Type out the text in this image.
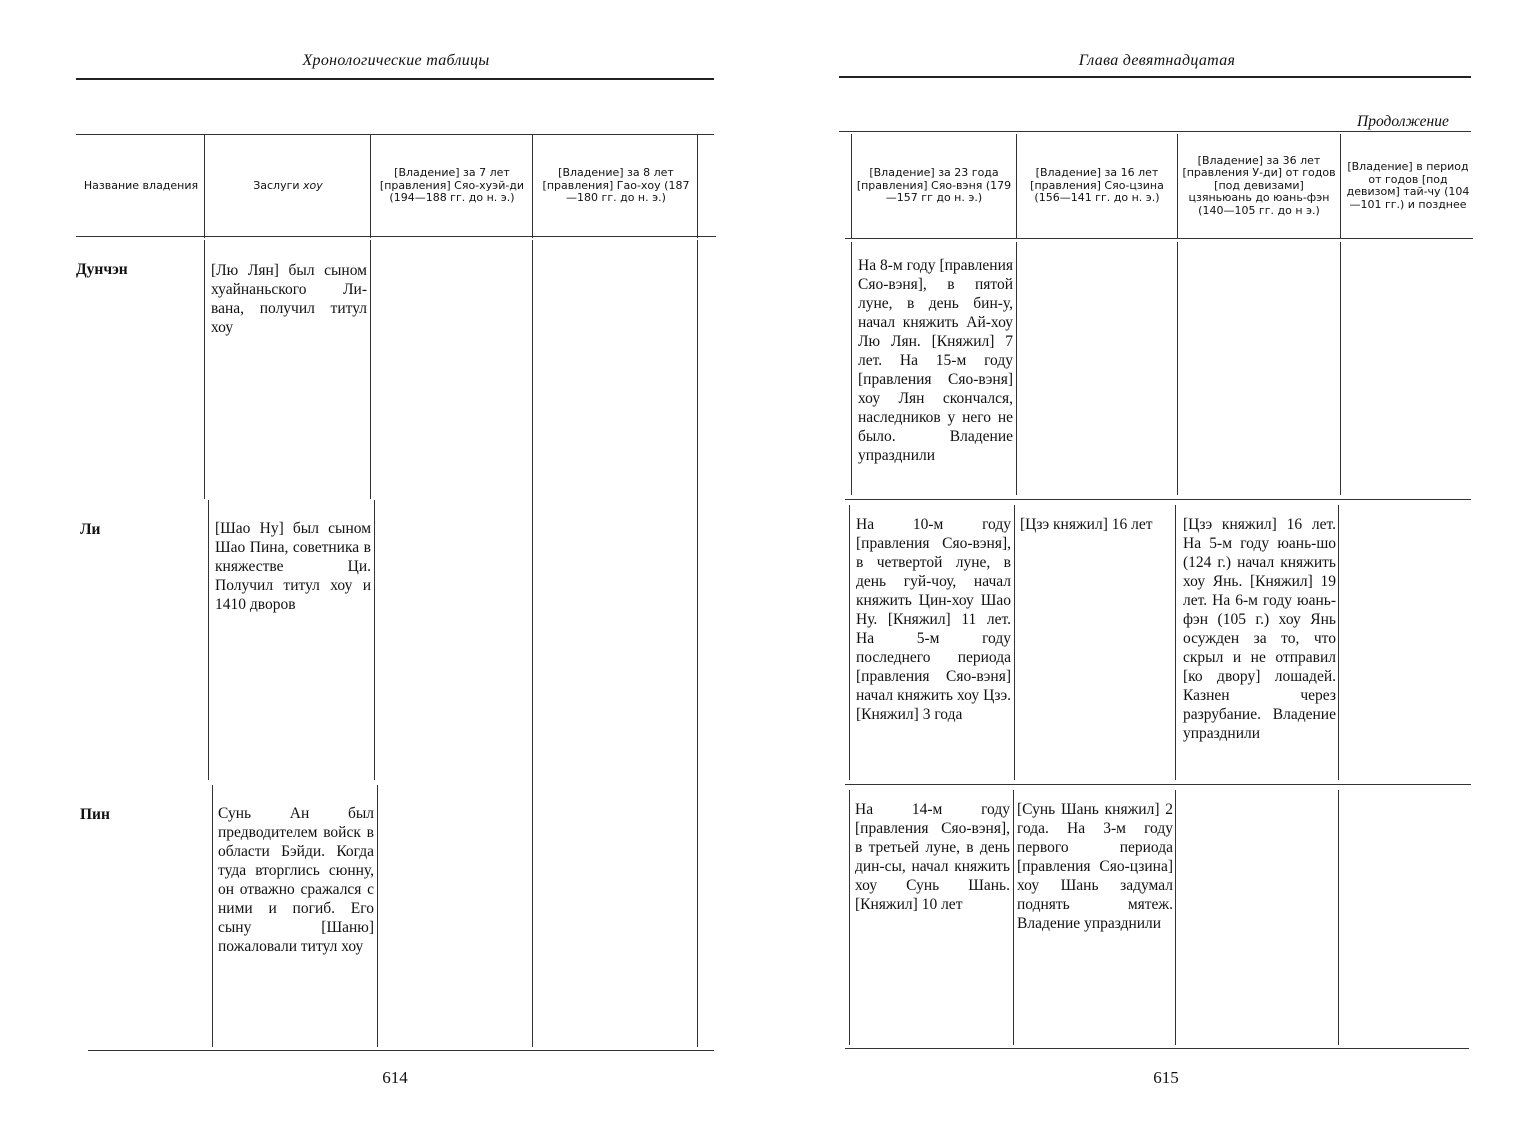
Хронологические таблицы
Название владения	Заслуги хоу
[Владение] за 7 лет [правления] Сяо-хуэй-ди (194—188 гг. до н. э.)
[Владение] за 8 лет [правления] Гао-хоу (187—180 гг. до н. э.)
Дунчэн
Ли
Пин
[Лю Лян] был сыном хуайнаньского Ли-вана, получил титул хоу
[Шао Ну] был сыном Шао Пина, советника в княжестве Ци. Получил титул хоу и 1410 дворов
Сунь Ан был предводителем войск в области Бэйди. Когда туда вторглись сюнну, он отважно сражался с ними и погиб. Его сыну [Шаню] пожаловали титул хоу
614
Глава девятнадцатая
Продолжение
[Владение] за 23 года [правления] Сяо-вэня (179—157 гг до н. э.)
[Владение] за 16 лет [правления] Сяо-цзина (156—141 гг. до н. э.)
[Владение] за 36 лет [правления У-ди] от годов [под девизами] цзяньюань до юань-фэн (140—105 гг. до н э.)
[Владение] в период от годов [под девизом] тай-чу (104—101 гг.) и позднее
На 8-м году [правления Сяо-вэня], в пятой луне, в день бин-у, начал княжить Ай-хоу Лю Лян. [Княжил] 7 лет. На 15-м году [правления Сяо-вэня] хоу Лян скончался, наследников у него не было. Владение упразднили
На 10-м году [правления Сяо-вэня], в четвертой луне, в день гуй-чоу, начал княжить Цин-хоу Шао Ну. [Княжил] 11 лет. На 5-м году последнего периода [правления Сяо-вэня] начал княжить хоу Цзэ. [Княжил] 3 года
[Цзэ княжил] 16 лет	[Цзэ княжил] 16 лет. На 5-м году юань-шо (124 г.) начал княжить хоу Янь. [Княжил] 19 лет. На 6-м году юань-фэн (105 г.) хоу Янь осужден за то, что скрыл и не отправил [ко двору] лошадей. Казнен через разрубание. Владение упразднили
На 14-м году [правления Сяо-вэня], в третьей луне, в день дин-сы, начал княжить хоу Сунь Шань. [Княжил] 10 лет
[Сунь Шань княжил] 2 года. На 3-м году первого периода [правления Сяо-цзина] хоу Шань задумал поднять мятеж. Владение упразднили
615
